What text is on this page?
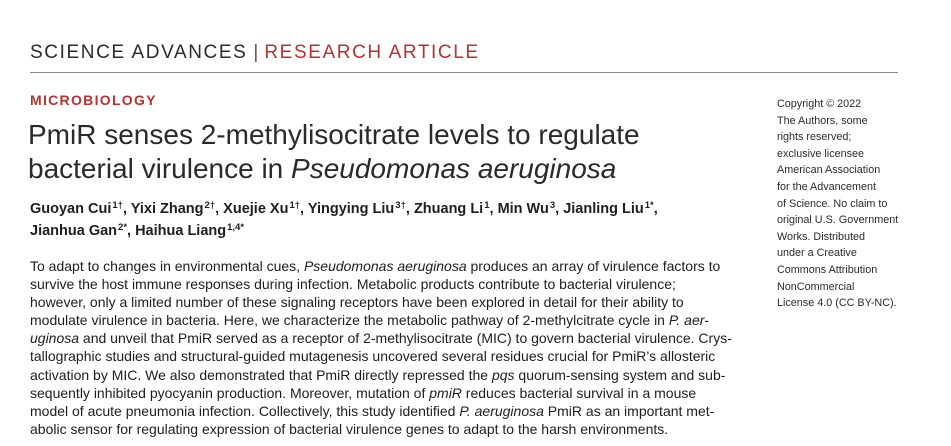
SCIENCE ADVANCES | RESEARCH ARTICLE
MICROBIOLOGY
PmiR senses 2-methylisocitrate levels to regulate
bacterial virulence in Pseudomonas aeruginosa
Guoyan Cui$^{1\dagger}$, Yixi Zhang$^{2\dagger}$, Xuejie $Xu^{1\dagger}$, Yingying Liu$^{3\dagger}$, Zhuang Li$^1$, Min Wu$^3$, Jianling Liu$^{1*}$,
Jianhua Gan$^{2*}$, Haihua Liang$^{1,4*}$
To adapt to changes in environmental cues, Pseudomonas aeruginosa produces an array of virulence factors to
survive the host immune responses during infection. Metabolic products contribute to bacterial virulence;
however, only a limited number of these signaling receptors have been explored in detail for their ability to
modulate virulence in bacteria. Here, we characterize the metabolic pathway of 2-methylcitrate cycle in P. aer-
uginosa and unveil that PmiR served as a receptor of 2-methylisocitrate (MIC) to govern bacterial virulence. Crys-
tallographic studies and structural-guided mutagenesis uncovered several residues crucial for PmiR’s allosteric
activation by MIC. We also demonstrated that PmiR directly repressed the pqs quorum-sensing system and sub-
sequently inhibited pyocyanin production. Moreover, mutation of pmiR reduces bacterial survival in a mouse
model of acute pneumonia infection. Collectively, this study identified P. aeruginosa PmiR as an important met-
abolic sensor for regulating expression of bacterial virulence genes to adapt to the harsh environments.
Copyright © 2022
The Authors, some
rights reserved;
exclusive licensee
American Association
for the Advancement
of Science. No claim to
original U.S. Government
Works. Distributed
under a Creative
Commons Attribution
NonCommercial
License 4.0 (CC BY-NC).
